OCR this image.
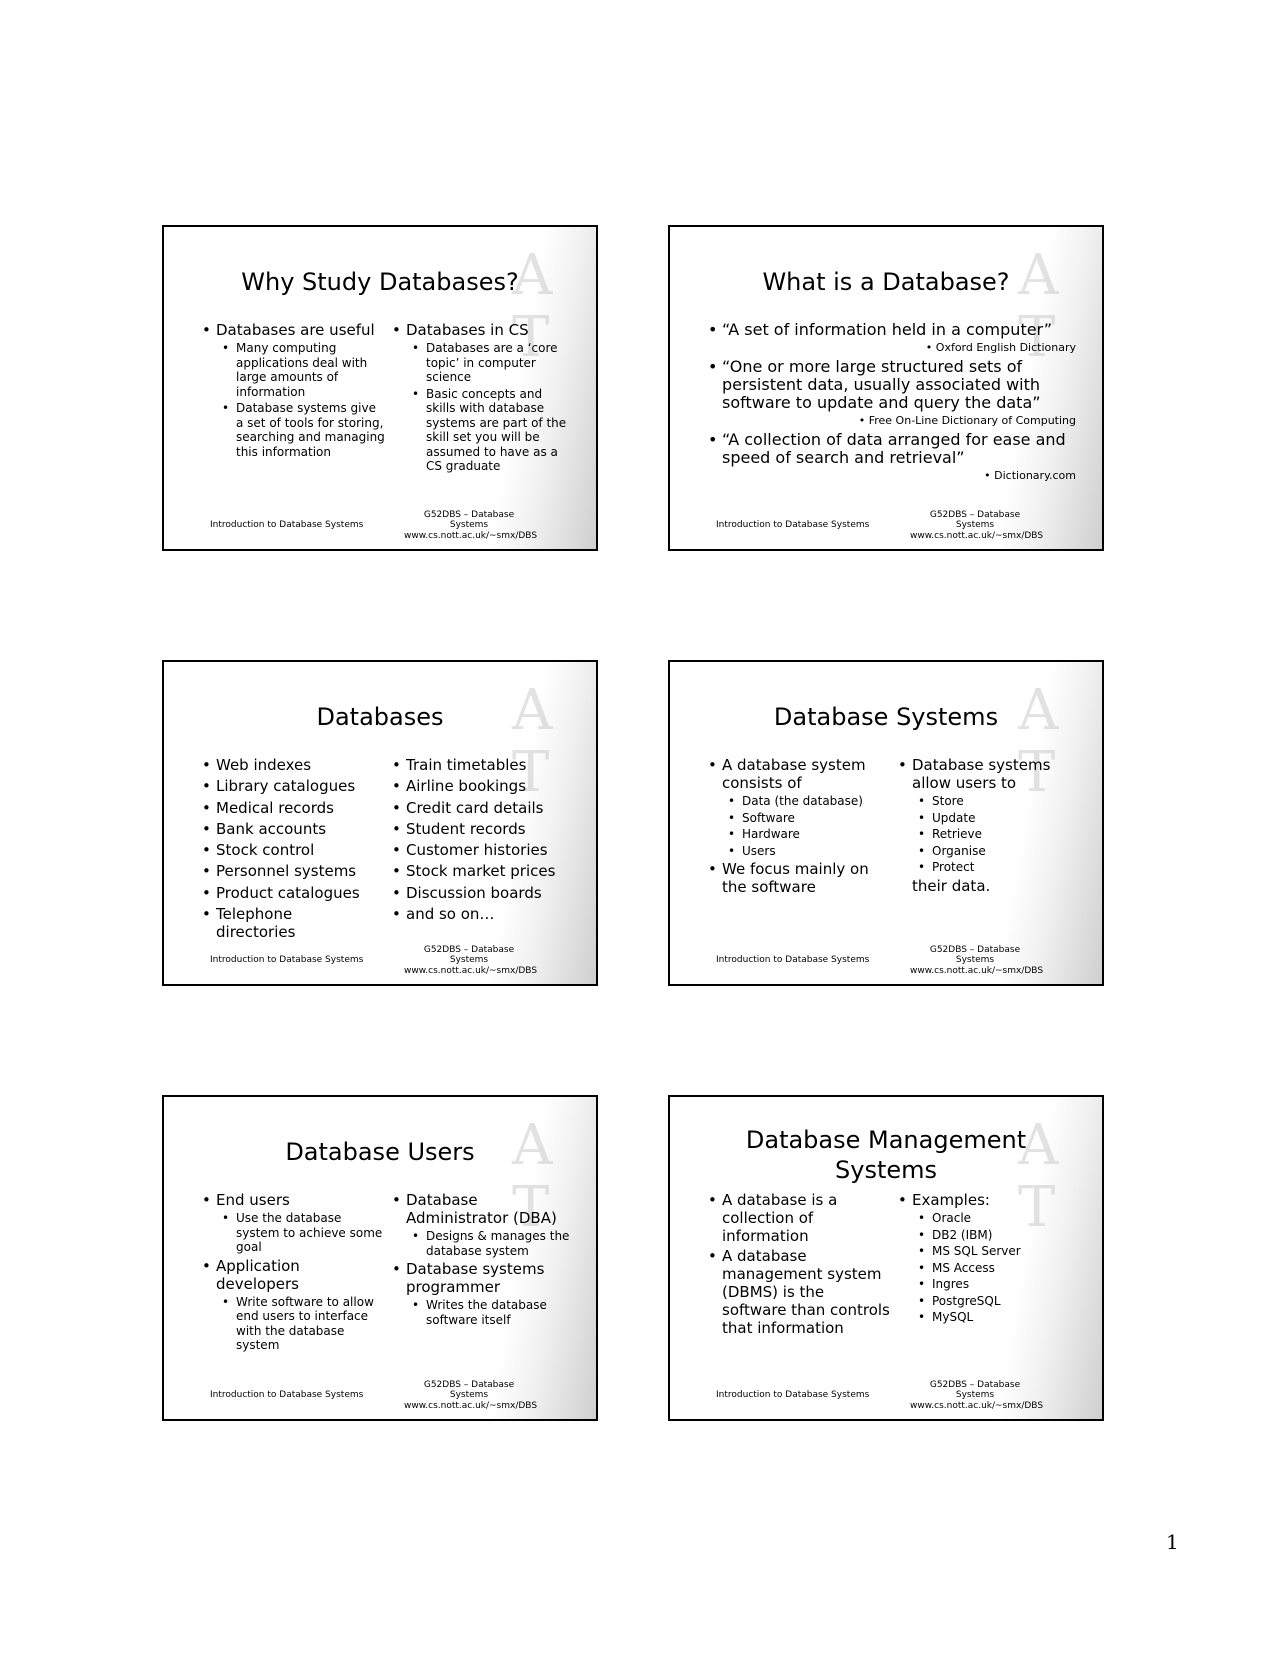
A
T
Why Study Databases?
• Databases are useful
• Many computing applications deal with large amounts of information
• Database systems give a set of tools for storing, searching and managing this information
• Databases in CS
• Databases are a ‘core topic’ in computer science
• Basic concepts and skills with database systems are part of the skill set you will be assumed to have as a CS graduate
Introduction to Database Systems
G52DBS – Database Systems
www.cs.nott.ac.uk/~smx/DBS
A
T
What is a Database?
• “A set of information held in a computer”
• Oxford English Dictionary
• “One or more large structured sets of persistent data, usually associated with software to update and query the data”
• Free On-Line Dictionary of Computing
• “A collection of data arranged for ease and speed of search and retrieval”
• Dictionary.com
Introduction to Database Systems
G52DBS – Database Systems
www.cs.nott.ac.uk/~smx/DBS
A
T
Databases
• Web indexes
• Library catalogues
• Medical records
• Bank accounts
• Stock control
• Personnel systems
• Product catalogues
• Telephone directories
• Train timetables
• Airline bookings
• Credit card details
• Student records
• Customer histories
• Stock market prices
• Discussion boards
• and so on…
Introduction to Database Systems
G52DBS – Database Systems
www.cs.nott.ac.uk/~smx/DBS
A
T
Database Systems
• A database system consists of
• Data (the database)
• Software
• Hardware
• Users
• We focus mainly on the software
• Database systems allow users to
• Store
• Update
• Retrieve
• Organise
• Protect
their data.
Introduction to Database Systems
G52DBS – Database Systems
www.cs.nott.ac.uk/~smx/DBS
A
T
Database Users
• End users
• Use the database system to achieve some goal
• Application developers
• Write software to allow end users to interface with the database system
• Database Administrator (DBA)
• Designs & manages the database system
• Database systems programmer
• Writes the database software itself
Introduction to Database Systems
G52DBS – Database Systems
www.cs.nott.ac.uk/~smx/DBS
A
T
Database Management
Systems
• A database is a collection of information
• A database management system (DBMS) is the software than controls that information
• Examples:
• Oracle
• DB2 (IBM)
• MS SQL Server
• MS Access
• Ingres
• PostgreSQL
• MySQL
Introduction to Database Systems
G52DBS – Database Systems
www.cs.nott.ac.uk/~smx/DBS
1
